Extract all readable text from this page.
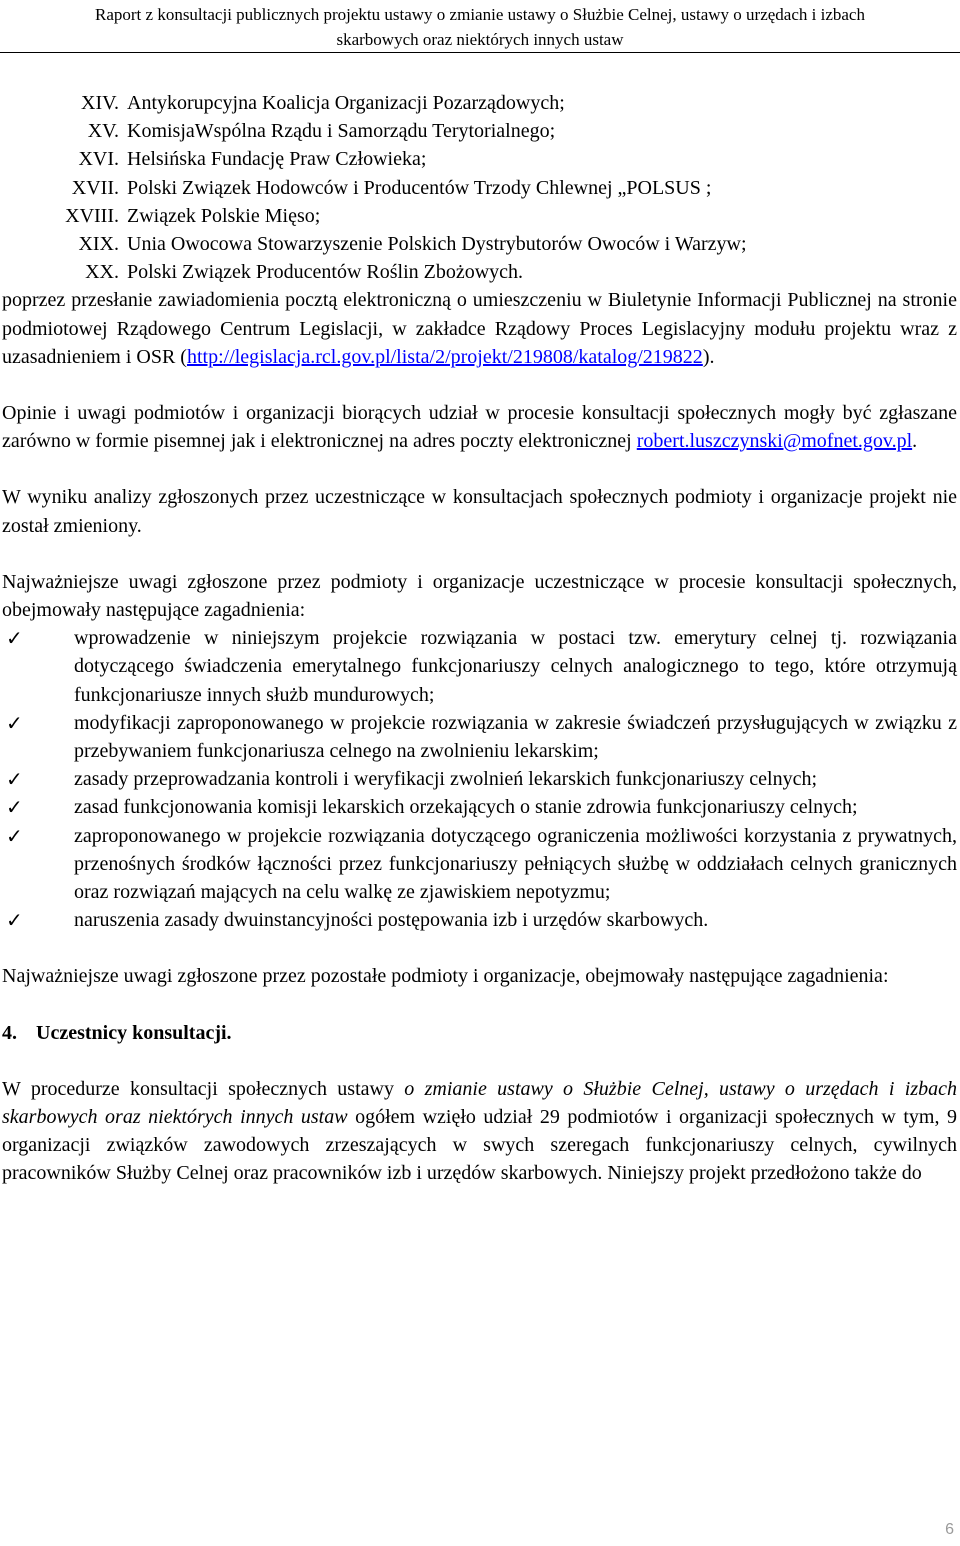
Raport z konsultacji publicznych projektu ustawy o zmianie ustawy o Służbie Celnej, ustawy o urzędach i izbach
skarbowych oraz niektórych innych ustaw
XIV. Antykorupcyjna Koalicja Organizacji Pozarządowych;
XV. KomisjaWspólna Rządu i Samorządu Terytorialnego;
XVI. Helsińska Fundację Praw Człowieka;
XVII. Polski Związek Hodowców i Producentów Trzody Chlewnej „POLSUS ;
XVIII. Związek Polskie Mięso;
XIX. Unia Owocowa Stowarzyszenie Polskich Dystrybutorów Owoców i Warzyw;
XX. Polski Związek Producentów Roślin Zbożowych.

poprzez przesłanie zawiadomienia pocztą elektroniczną o umieszczeniu w Biuletynie Informacji Publicznej na stronie podmiotowej Rządowego Centrum Legislacji, w zakładce Rządowy Proces Legislacyjny modułu projektu wraz z uzasadnieniem i OSR (http://legislacja.rcl.gov.pl/lista/2/projekt/219808/katalog/219822).

Opinie i uwagi podmiotów i organizacji biorących udział w procesie konsultacji społecznych mogły być zgłaszane zarówno w formie pisemnej jak i elektronicznej na adres poczty elektronicznej robert.luszczynski@mofnet.gov.pl.

W wyniku analizy zgłoszonych przez uczestniczące w konsultacjach społecznych podmioty i organizacje projekt nie został zmieniony.

Najważniejsze uwagi zgłoszone przez podmioty i organizacje uczestniczące w procesie konsultacji społecznych, obejmowały następujące zagadnienia:

✓	wprowadzenie w niniejszym projekcie rozwiązania w postaci tzw. emerytury celnej tj. rozwiązania dotyczącego świadczenia emerytalnego funkcjonariuszy celnych analogicznego to tego, które otrzymują funkcjonariusze innych służb mundurowych;
✓	modyfikacji zaproponowanego w projekcie rozwiązania w zakresie świadczeń przysługujących w związku z przebywaniem funkcjonariusza celnego na zwolnieniu lekarskim;
✓	zasady przeprowadzania kontroli i weryfikacji zwolnień lekarskich funkcjonariuszy celnych;
✓	zasad funkcjonowania komisji lekarskich orzekających o stanie zdrowia funkcjonariuszy celnych;
✓	zaproponowanego w projekcie rozwiązania dotyczącego ograniczenia możliwości korzystania z prywatnych, przenośnych środków łączności przez funkcjonariuszy pełniących służbę w oddziałach celnych granicznych oraz rozwiązań mających na celu walkę ze zjawiskiem nepotyzmu;
✓	naruszenia zasady dwuinstancyjności postępowania izb i urzędów skarbowych.

Najważniejsze uwagi zgłoszone przez pozostałe podmioty i organizacje, obejmowały następujące zagadnienia:

4. Uczestnicy konsultacji.

W procedurze konsultacji społecznych ustawy o zmianie ustawy o Służbie Celnej, ustawy o urzędach i izbach skarbowych oraz niektórych innych ustaw ogółem wzięło udział 29 podmiotów i organizacji społecznych w tym, 9 organizacji związków zawodowych zrzeszających w swych szeregach funkcjonariuszy celnych, cywilnych pracowników Służby Celnej oraz pracowników izb i urzędów skarbowych. Niniejszy projekt przedłożono także do

6
